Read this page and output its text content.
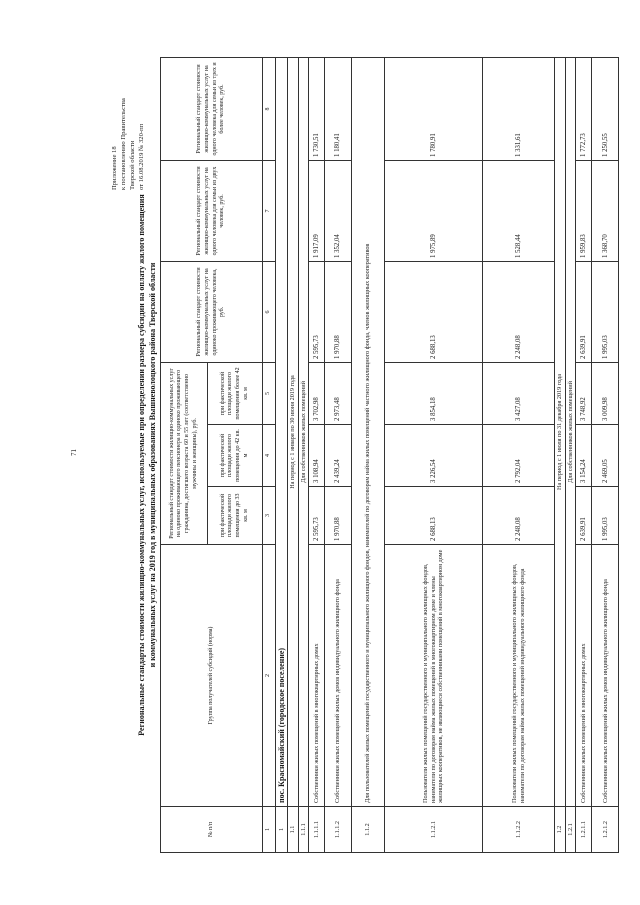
71
Приложение 18 к постановлению Правительства Тверской области от 16.08.2019 № 320-пп
Региональные стандарты стоимости жилищно-коммунальных услуг, используемые при определении размера субсидии на оплату жилого помещения и коммунальных услуг на 2019 год в муниципальных образованиях Вышневолоцкого района Тверской области
№ п/п	Группа получателей субсидий (норма)	Региональный стандарт стоимости жилищно-коммунальных услуг на одиноко проживающего пенсионера и одиноко проживающего гражданина, достигшего возраста 60 и 55 лет (соответственно мужчины и женщины), руб.			Региональный стандарт стоимости жилищно-коммунальных услуг на одиноко проживающего человека, руб.	Региональный стандарт стоимости жилищно-коммунальных услуг на одного человека для семьи из двух человек, руб.	Региональный стандарт стоимости жилищно-коммунальных услуг на одного человека для семьи из трех и более человек, руб.
		при фактической площади жилого помещения до 33 кв. м	при фактической площади жилого помещения до 42 кв. м	при фактической площади жилого помещения более 42 кв. м			
1	2	3	4	5	6	7	8
1	пос. Красномайский (городское поселение)						
1.1	На период с 1 января по 30 июня 2019 года						
1.1.1	Для собственников жилых помещений						
1.1.1.1	Собственники жилых помещений в многоквартирных домах	2 595,73	3 108,94	3 702,98	2 595,73	1 917,09	1 730,51
1.1.1.2	Собственники жилых помещений жилых домов индивидуального жилищного фонда	1 970,88	2 439,24	2 973,48	1 970,88	1 352,04	1 180,41
1.1.2	Для пользователей жилых помещений государственного и муниципального жилищного фондов, нанимателей по договорам найма жилых помещений частного жилищного фонда, членов жилищных кооперативов						
1.1.2.1	Пользователи жилых помещений государственного и муниципального жилищных фондов, наниматели по договорам найма жилых помещений в многоквартирном доме и члены жилищных кооперативов, не являющиеся собственниками помещений в многоквартирном доме	2 688,13	3 226,54	3 854,18	2 688,13	1 975,89	1 780,91
1.1.2.2	Пользователи жилых помещений государственного и муниципального жилищных фондов, наниматели по договорам найма жилых помещений индивидуального жилищного фонда	2 248,08	2 792,04	3 427,08	2 248,08	1 528,44	1 331,61
1.2	На период с 1 июля по 31 декабря 2019 года						
1.2.1	Для собственников жилых помещений						
1.2.1.1	Собственники жилых помещений в многоквартирных домах	2 639,91	3 154,24	3 748,92	2 639,91	1 959,83	1 772,73
1.2.1.2	Собственники жилых помещений жилых домов индивидуального жилищного фонда	1 995,03	2 469,05	3 009,98	1 995,03	1 368,70	1 250,55
